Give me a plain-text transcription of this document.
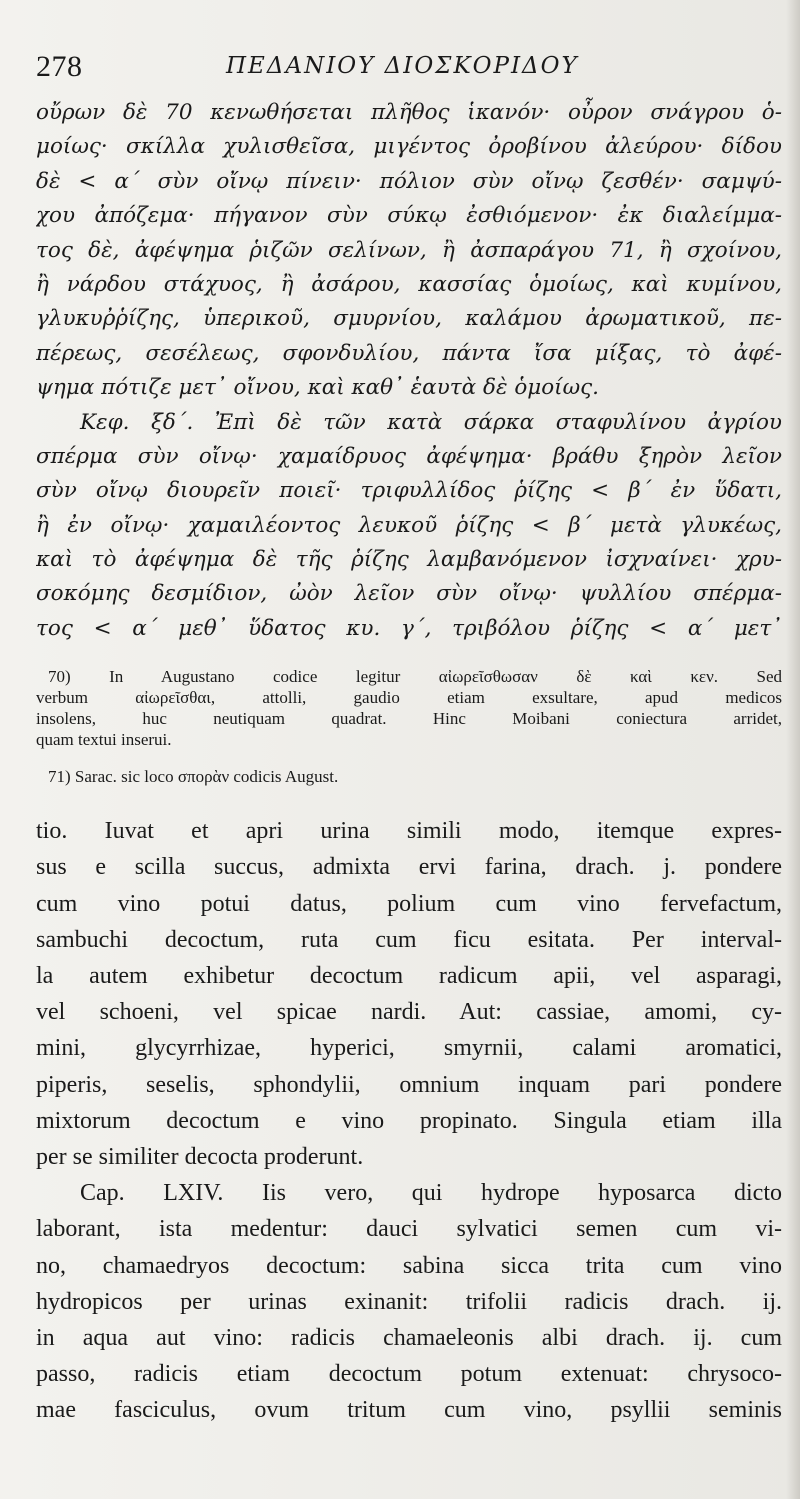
278	ΠΕΔΑΝΙΟΥ ΔΙΟΣΚΟΡΙΔΟΥ
οὔρων δὲ 70 κενωθήσεται πλῆθος ἱκανόν· οὖρον σνάγρου ὁ-
μοίως· σκίλλα χυλισθεῖσα, μιγέντος ὀροβίνου ἀλεύρου· δίδου
δὲ < α΄ σὺν οἴνῳ πίνειν· πόλιον σὺν οἴνῳ ζεσθέν· σαμψύ-
χου ἀπόζεμα· πήγανον σὺν σύκῳ ἐσθιόμενον· ἐκ διαλείμμα-
τος δὲ, ἀφέψημα ῥιζῶν σελίνων, ἢ ἀσπαράγου 71, ἢ σχοίνου,
ἢ νάρδου στάχυος, ἢ ἀσάρου, κασσίας ὁμοίως, καὶ κυμίνου,
γλυκυῤῥίζης, ὑπερικοῦ, σμυρνίου, καλάμου ἀρωματικοῦ, πε-
πέρεως, σεσέλεως, σφονδυλίου, πάντα ἴσα μίξας, τὸ ἀφέ-
ψημα πότιζε μετ᾽ οἴνου, καὶ καθ᾽ ἑαυτὰ δὲ ὁμοίως.
Κεφ. ξδ΄. Ἐπὶ δὲ τῶν κατὰ σάρκα σταφυλίνου ἀγρίου
σπέρμα σὺν οἴνῳ· χαμαίδρυος ἀφέψημα· βράθυ ξηρὸν λεῖον
σὺν οἴνῳ διουρεῖν ποιεῖ· τριφυλλίδος ῥίζης < β΄ ἐν ὕδατι,
ἢ ἐν οἴνῳ· χαμαιλέοντος λευκοῦ ῥίζης < β΄ μετὰ γλυκέως,
καὶ τὸ ἀφέψημα δὲ τῆς ῥίζης λαμβανόμενον ἰσχναίνει· χρυ-
σοκόμης δεσμίδιον, ὠὸν λεῖον σὺν οἴνῳ· ψυλλίου σπέρμα-
τος < α΄ μεθ᾽ ὕδατος κυ. γ΄, τριβόλου ῥίζης < α΄ μετ᾽
70) In Augustano codice legitur αἰωρεῖσθωσαν δὲ καὶ κεν. Sed
verbum αἰωρεῖσθαι, attolli, gaudio etiam exsultare, apud medicos
insolens, huc neutiquam quadrat. Hinc Moibani coniectura arridet,
quam textui inserui.
71) Sarac. sic loco σπορὰν codicis August.
tio. Iuvat et apri urina simili modo, itemque expres-
sus e scilla succus, admixta ervi farina, drach. j. pondere
cum vino potui datus, polium cum vino fervefactum,
sambuchi decoctum, ruta cum ficu esitata. Per interval-
la autem exhibetur decoctum radicum apii, vel asparagi,
vel schoeni, vel spicae nardi. Aut: cassiae, amomi, cy-
mini, glycyrrhizae, hyperici, smyrnii, calami aromatici,
piperis, seselis, sphondylii, omnium inquam pari pondere
mixtorum decoctum e vino propinato. Singula etiam illa
per se similiter decocta proderunt.
Cap. LXIV. Iis vero, qui hydrope hyposarca dicto
laborant, ista medentur: dauci sylvatici semen cum vi-
no, chamaedryos decoctum: sabina sicca trita cum vino
hydropicos per urinas exinanit: trifolii radicis drach. ij.
in aqua aut vino: radicis chamaeleonis albi drach. ij. cum
passo, radicis etiam decoctum potum extenuat: chrysoco-
mae fasciculus, ovum tritum cum vino, psyllii seminis
